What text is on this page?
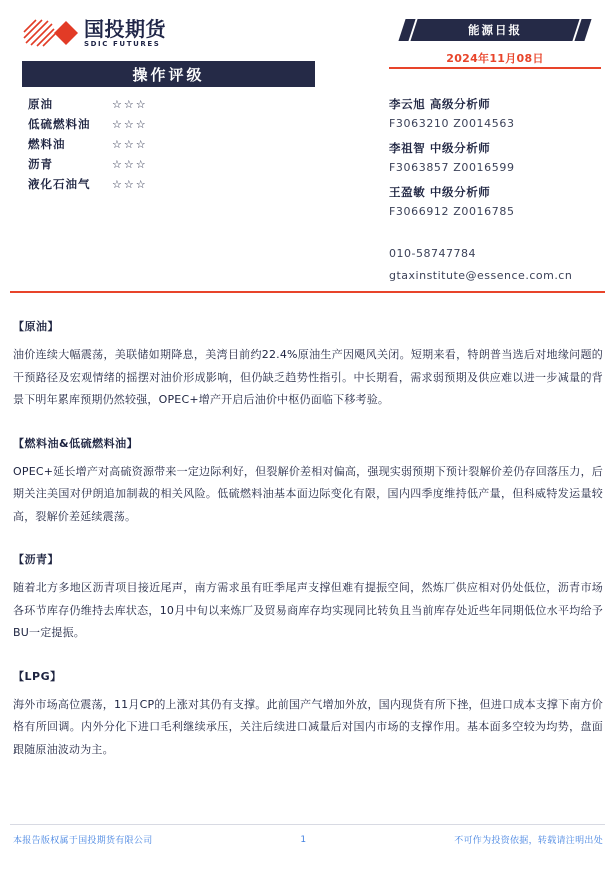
国投期货
SDIC FUTURES
操作评级
原油	☆☆☆
低硫燃料油	☆☆☆
燃料油	☆☆☆
沥青	☆☆☆
液化石油气	☆☆☆
能源日报
2024年11月08日
李云旭 高级分析师
F3063210 Z0014563
李祖智 中级分析师
F3063857 Z0016599
王盈敏 中级分析师
F3066912 Z0016785
010-58747784
gtaxinstitute@essence.com.cn
【原油】
油价连续大幅震荡，美联储如期降息，美湾目前约22.4%原油生产因飓风关闭。短期来看，特朗普当选后对地缘问题的干预路径及宏观情绪的摇摆对油价形成影响，但仍缺乏趋势性指引。中长期看，需求弱预期及供应难以进一步减量的背景下明年累库预期仍然较强，OPEC+增产开启后油价中枢仍面临下移考验。
【燃料油&低硫燃料油】
OPEC+延长增产对高硫资源带来一定边际利好，但裂解价差相对偏高，强现实弱预期下预计裂解价差仍存回落压力，后期关注美国对伊朗追加制裁的相关风险。低硫燃料油基本面边际变化有限，国内四季度维持低产量，但科威特发运量较高，裂解价差延续震荡。
【沥青】
随着北方多地区沥青项目接近尾声，南方需求虽有旺季尾声支撑但难有提振空间，然炼厂供应相对仍处低位，沥青市场各环节库存仍维持去库状态，10月中旬以来炼厂及贸易商库存均实现同比转负且当前库存处近些年同期低位水平均给予BU一定提振。
【LPG】
海外市场高位震荡，11月CP的上涨对其仍有支撑。此前国产气增加外放，国内现货有所下挫，但进口成本支撑下南方价格有所回调。内外分化下进口毛利继续承压，关注后续进口减量后对国内市场的支撑作用。基本面多空较为均势，盘面跟随原油波动为主。
本报告版权属于国投期货有限公司	1	不可作为投资依据，转载请注明出处
